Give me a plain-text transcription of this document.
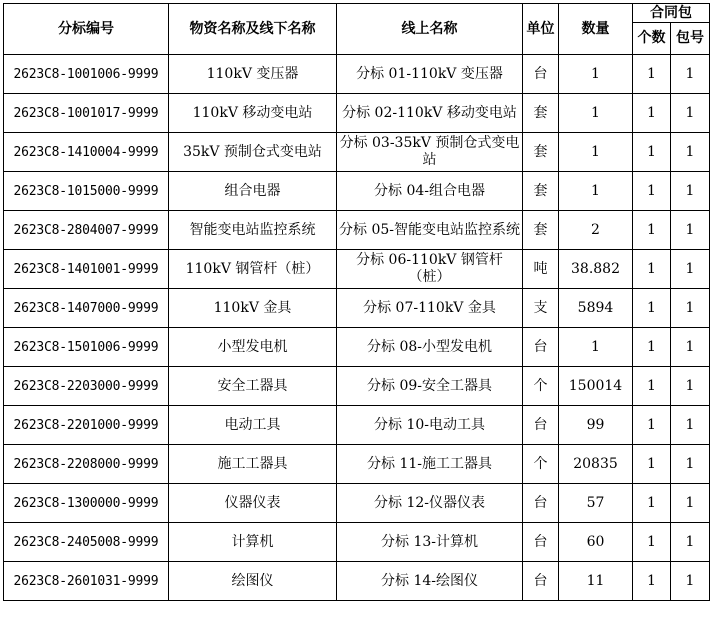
分标编号	物资名称及线下名称	线上名称	单位	数量	合同包	
					个数	包号
2623C8-1001006-9999	110kV 变压器	分标 01-110kV 变压器	台	1	1	1
2623C8-1001017-9999	110kV 移动变电站	分标 02-110kV 移动变电站	套	1	1	1
2623C8-1410004-9999	35kV 预制仓式变电站	分标 03-35kV 预制仓式变电站	套	1	1	1
2623C8-1015000-9999	组合电器	分标 04-组合电器	套	1	1	1
2623C8-2804007-9999	智能变电站监控系统	分标 05-智能变电站监控系统	套	2	1	1
2623C8-1401001-9999	110kV 钢管杆（桩）	分标 06-110kV 钢管杆（桩）	吨	38.882	1	1
2623C8-1407000-9999	110kV 金具	分标 07-110kV 金具	支	5894	1	1
2623C8-1501006-9999	小型发电机	分标 08-小型发电机	台	1	1	1
2623C8-2203000-9999	安全工器具	分标 09-安全工器具	个	150014	1	1
2623C8-2201000-9999	电动工具	分标 10-电动工具	台	99	1	1
2623C8-2208000-9999	施工工器具	分标 11-施工工器具	个	20835	1	1
2623C8-1300000-9999	仪器仪表	分标 12-仪器仪表	台	57	1	1
2623C8-2405008-9999	计算机	分标 13-计算机	台	60	1	1
2623C8-2601031-9999	绘图仪	分标 14-绘图仪	台	11	1	1
